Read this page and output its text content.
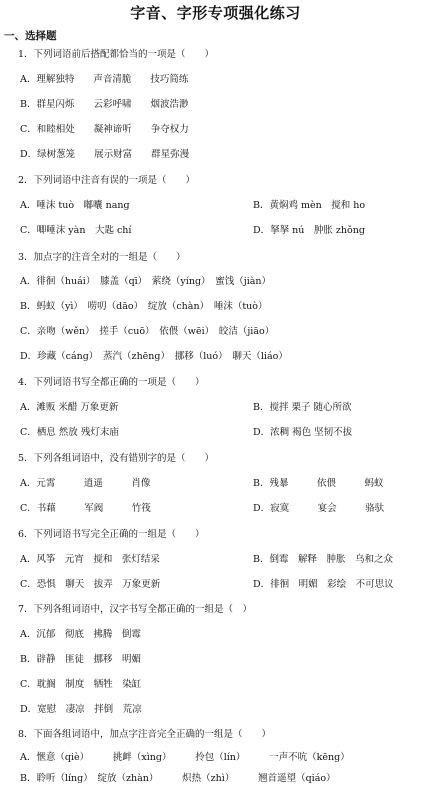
字音、字形专项强化练习
一、选择题
1．下列词语前后搭配都恰当的一项是（　　）
A．理解独特　　声音清脆　　技巧简练
B．群星闪烁　　云彩呼啸　　烟波浩渺
C．和睦相处　　凝神谛听　　争夺权力
D．绿树葱笼　　展示财富　　群星弥漫
2．下列词语中注音有误的一项是（　　）
A．唾沫 tuò　嘟囔 nang	B．黄焖鸡 mèn　搅和 ho
C．唧唾沫 yàn　大匙 chí	D．拏拏 nú　肿胀 zhǒng
3．加点字的注音全对的一组是（　　）
A．徘徊（huái）　膝盖（qī）　萦绕（yíng）　蜜饯（jiàn）
B．蚂蚁（yì）　唠叨（dāo）　绽放（chàn）　唾沫（tuò）
C．亲吻（wěn）　搓手（cuō）　依偎（wēi）　皎洁（jiāo）
D．珍藏（cáng）　蒸汽（zhēng）　挪移（luó）　聊天（liáo）
4．下列词语书写全都正确的一项是（　　）
A．滩贩 米醋 万象更新	B．搅拌 栗子 随心所欲
C．栖息 然放 残灯末庙	D．浓稠 褐色 坚韧不拔
5．下列各组词语中，没有错别字的是（　　）
A．元霄　　　逍遥　　　肖像	B．残暴　　　依偎　　　蚂蚁
C．书藉　　　军阀　　　竹筏	D．寂寞　　　宴会　　　骆驮
6．下列词语书写完全正确的一组是（　　）
A．风筝　元宵　搅和　张灯结采	B．倒霉　解释　肿胀　乌和之众
C．恐惧　聊天　拔弄　万象更新	D．徘徊　明媚　彩绘　不可思议
7．下列各组词语中，汉字书写全都正确的一组是（　）
A．沉郁　彻底　拂腾　倒霉
B．辟静　匪徒　挪移　明媚
C．耽搁　制度　牺牲　染缸
D．宽慰　凄凉　拌倒　荒凉
8．下面各组词语中，加点字注音完全正确的一组是（　　）
A．惬意（qiè）　　　挑衅（xìng）　　　拎包（lín）　　　一声不吭（kēng）
B．聆听（líng）　绽放（zhàn）　　　炽热（zhì）　　　翘首遥望（qiáo）
